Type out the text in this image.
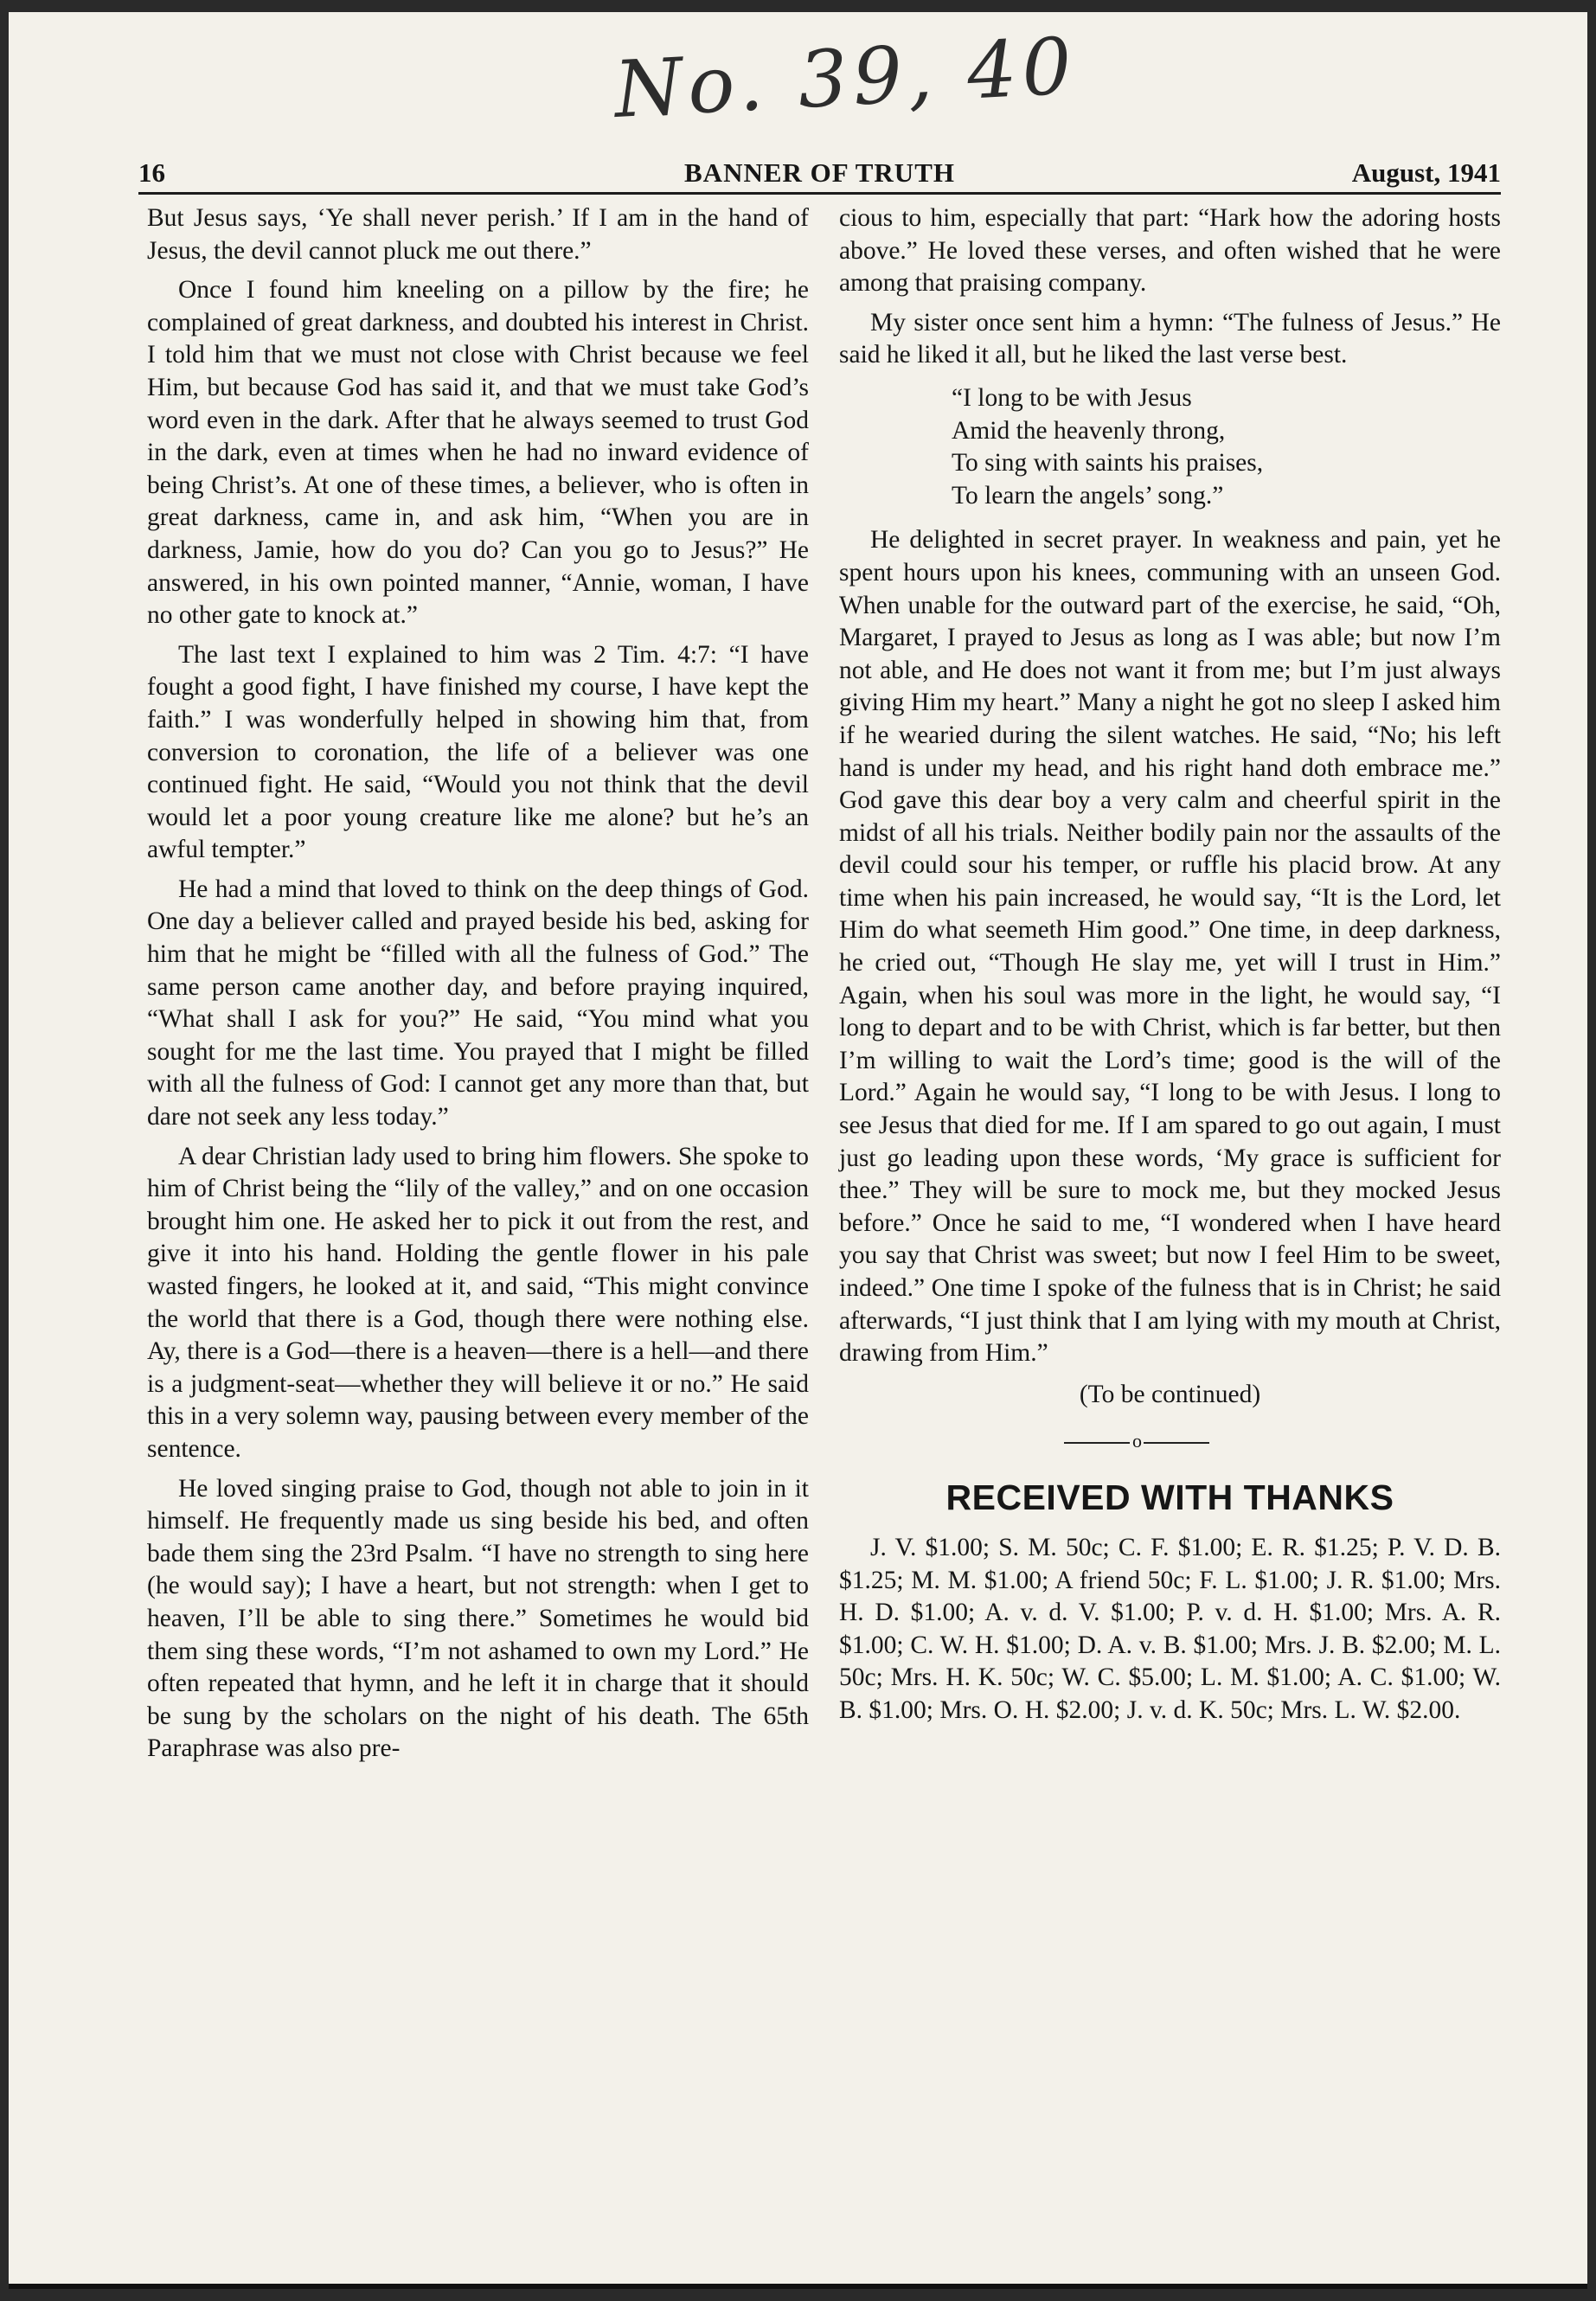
No. 39, 40
16	BANNER OF TRUTH	August, 1941

But Jesus says, ‘Ye shall never perish.’ If I am in the hand of Jesus, the devil cannot pluck me out there.”

Once I found him kneeling on a pillow by the fire; he complained of great darkness, and doubted his interest in Christ. I told him that we must not close with Christ because we feel Him, but because God has said it, and that we must take God’s word even in the dark. After that he always seemed to trust God in the dark, even at times when he had no inward evidence of being Christ’s. At one of these times, a believer, who is often in great darkness, came in, and ask him, “When you are in darkness, Jamie, how do you do? Can you go to Jesus?” He answered, in his own pointed manner, “Annie, woman, I have no other gate to knock at.”

The last text I explained to him was 2 Tim. 4:7: “I have fought a good fight, I have finished my course, I have kept the faith.” I was wonderfully helped in showing him that, from conversion to coronation, the life of a believer was one continued fight. He said, “Would you not think that the devil would let a poor young creature like me alone? but he’s an awful tempter.”

He had a mind that loved to think on the deep things of God. One day a believer called and prayed beside his bed, asking for him that he might be “filled with all the fulness of God.” The same person came another day, and before praying inquired, “What shall I ask for you?” He said, “You mind what you sought for me the last time. You prayed that I might be filled with all the fulness of God: I cannot get any more than that, but dare not seek any less today.”

A dear Christian lady used to bring him flowers. She spoke to him of Christ being the “lily of the valley,” and on one occasion brought him one. He asked her to pick it out from the rest, and give it into his hand. Holding the gentle flower in his pale wasted fingers, he looked at it, and said, “This might convince the world that there is a God, though there were nothing else. Ay, there is a God—there is a heaven—there is a hell—and there is a judgment-seat—whether they will believe it or no.” He said this in a very solemn way, pausing between every member of the sentence.

He loved singing praise to God, though not able to join in it himself. He frequently made us sing beside his bed, and often bade them sing the 23rd Psalm. “I have no strength to sing here (he would say); I have a heart, but not strength: when I get to heaven, I’ll be able to sing there.” Sometimes he would bid them sing these words, “I’m not ashamed to own my Lord.” He often repeated that hymn, and he left it in charge that it should be sung by the scholars on the night of his death. The 65th Paraphrase was also pre-

cious to him, especially that part: “Hark how the adoring hosts above.” He loved these verses, and often wished that he were among that praising company.

My sister once sent him a hymn: “The fulness of Jesus.” He said he liked it all, but he liked the last verse best.

“I long to be with Jesus
Amid the heavenly throng,
To sing with saints his praises,
To learn the angels’ song.”

He delighted in secret prayer. In weakness and pain, yet he spent hours upon his knees, communing with an unseen God. When unable for the outward part of the exercise, he said, “Oh, Margaret, I prayed to Jesus as long as I was able; but now I’m not able, and He does not want it from me; but I’m just always giving Him my heart.” Many a night he got no sleep I asked him if he wearied during the silent watches. He said, “No; his left hand is under my head, and his right hand doth embrace me.” God gave this dear boy a very calm and cheerful spirit in the midst of all his trials. Neither bodily pain nor the assaults of the devil could sour his temper, or ruffle his placid brow. At any time when his pain increased, he would say, “It is the Lord, let Him do what seemeth Him good.” One time, in deep darkness, he cried out, “Though He slay me, yet will I trust in Him.” Again, when his soul was more in the light, he would say, “I long to depart and to be with Christ, which is far better, but then I’m willing to wait the Lord’s time; good is the will of the Lord.” Again he would say, “I long to be with Jesus. I long to see Jesus that died for me. If I am spared to go out again, I must just go leading upon these words, ‘My grace is sufficient for thee.” They will be sure to mock me, but they mocked Jesus before.” Once he said to me, “I wondered when I have heard you say that Christ was sweet; but now I feel Him to be sweet, indeed.” One time I spoke of the fulness that is in Christ; he said afterwards, “I just think that I am lying with my mouth at Christ, drawing from Him.”

(To be continued)
o
RECEIVED WITH THANKS

J. V. $1.00; S. M. 50c; C. F. $1.00; E. R. $1.25; P. V. D. B. $1.25; M. M. $1.00; A friend 50c; F. L. $1.00; J. R. $1.00; Mrs. H. D. $1.00; A. v. d. V. $1.00; P. v. d. H. $1.00; Mrs. A. R. $1.00; C. W. H. $1.00; D. A. v. B. $1.00; Mrs. J. B. $2.00; M. L. 50c; Mrs. H. K. 50c; W. C. $5.00; L. M. $1.00; A. C. $1.00; W. B. $1.00; Mrs. O. H. $2.00; J. v. d. K. 50c; Mrs. L. W. $2.00.
